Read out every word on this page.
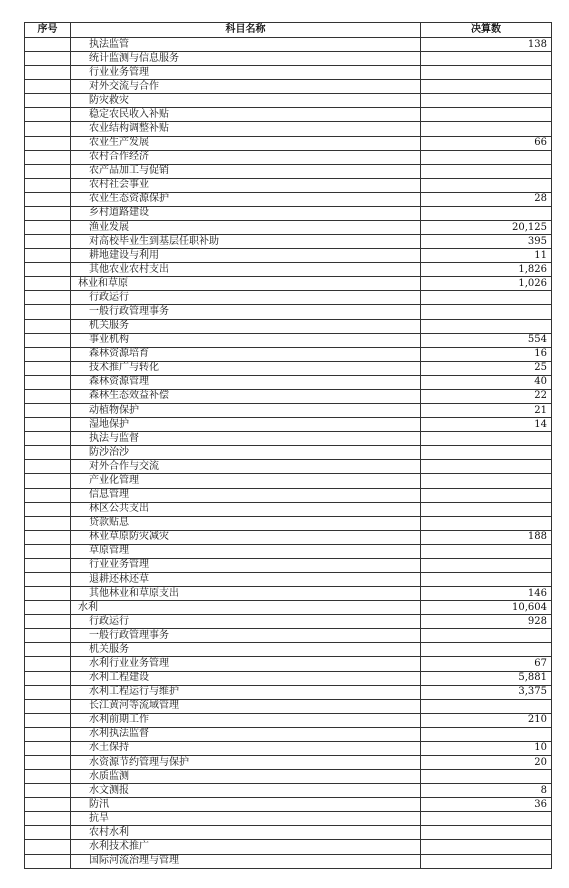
序号	科目名称	决算数
	执法监管	138
	统计监测与信息服务	
	行业业务管理	
	对外交流与合作	
	防灾救灾	
	稳定农民收入补贴	
	农业结构调整补贴	
	农业生产发展	66
	农村合作经济	
	农产品加工与促销	
	农村社会事业	
	农业生态资源保护	28
	乡村道路建设	
	渔业发展	20,125
	对高校毕业生到基层任职补助	395
	耕地建设与利用	11
	其他农业农村支出	1,826
	林业和草原	1,026
	行政运行	
	一般行政管理事务	
	机关服务	
	事业机构	554
	森林资源培育	16
	技术推广与转化	25
	森林资源管理	40
	森林生态效益补偿	22
	动植物保护	21
	湿地保护	14
	执法与监督	
	防沙治沙	
	对外合作与交流	
	产业化管理	
	信息管理	
	林区公共支出	
	贷款贴息	
	林业草原防灾减灾	188
	草原管理	
	行业业务管理	
	退耕还林还草	
	其他林业和草原支出	146
	水利	10,604
	行政运行	928
	一般行政管理事务	
	机关服务	
	水利行业业务管理	67
	水利工程建设	5,881
	水利工程运行与维护	3,375
	长江黄河等流域管理	
	水利前期工作	210
	水利执法监督	
	水土保持	10
	水资源节约管理与保护	20
	水质监测	
	水文测报	8
	防汛	36
	抗旱	
	农村水利	
	水利技术推广	
	国际河流治理与管理	
